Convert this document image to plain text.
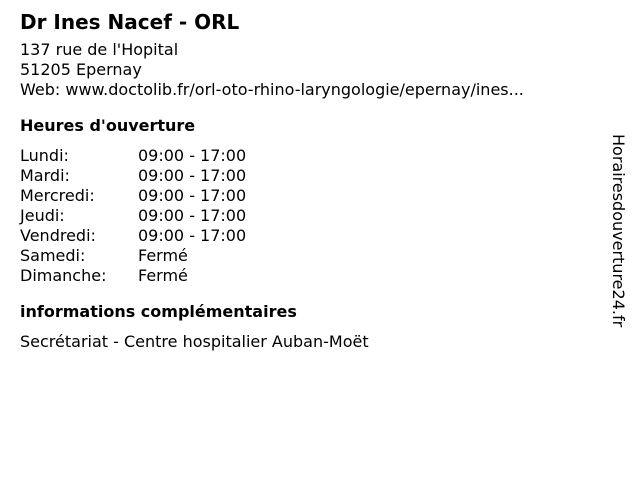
Dr Ines Nacef - ORL
137 rue de l'Hopital
51205 Epernay
Web: www.doctolib.fr/orl-oto-rhino-laryngologie/epernay/ines...
Heures d'ouverture
Lundi:	09:00 - 17:00
Mardi:	09:00 - 17:00
Mercredi:	09:00 - 17:00
Jeudi:	09:00 - 17:00
Vendredi:	09:00 - 17:00
Samedi:	Fermé
Dimanche:	Fermé
informations complémentaires
Secrétariat - Centre hospitalier Auban-Moët
Horairesdouverture24.fr
